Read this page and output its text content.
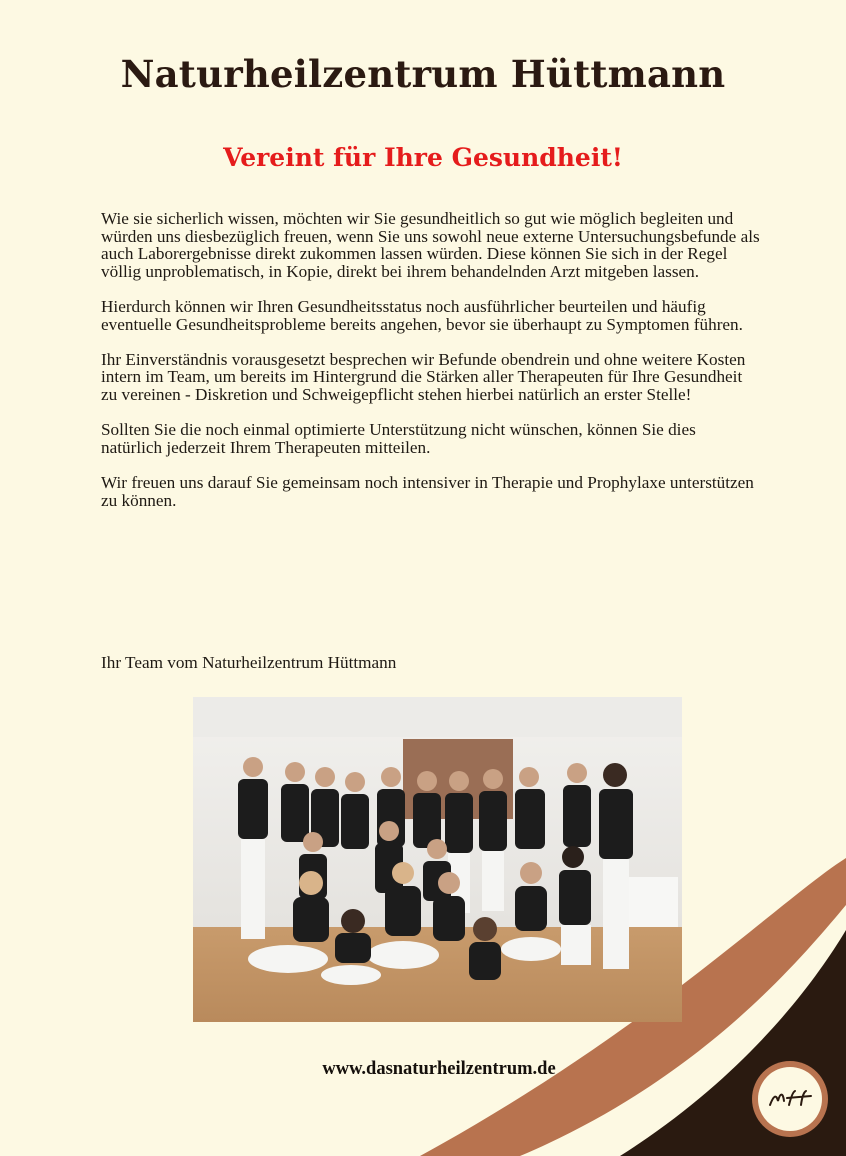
Naturheilzentrum Hüttmann
Vereint für Ihre Gesundheit!

Wie sie sicherlich wissen, möchten wir Sie gesundheitlich so gut wie möglich begleiten und würden uns diesbezüglich freuen, wenn Sie uns sowohl neue externe Untersuchungsbefunde als auch Laborergebnisse direkt zukommen lassen würden. Diese können Sie sich in der Regel völlig unproblematisch, in Kopie, direkt bei ihrem behandelnden Arzt mitgeben lassen.

Hierdurch können wir Ihren Gesundheitsstatus noch ausführlicher beurteilen und häufig eventuelle Gesundheitsprobleme bereits angehen, bevor sie überhaupt zu Symptomen führen.

Ihr Einverständnis vorausgesetzt besprechen wir Befunde obendrein und ohne weitere Kosten intern im Team, um bereits im Hintergrund die Stärken aller Therapeuten für Ihre Gesundheit zu vereinen - Diskretion und Schweigepflicht stehen hierbei natürlich an erster Stelle!

Sollten Sie die noch einmal optimierte Unterstützung nicht wünschen, können Sie dies natürlich jederzeit Ihrem Therapeuten mitteilen.

Wir freuen uns darauf Sie gemeinsam noch intensiver in Therapie und Prophylaxe unterstützen zu können.

Ihr Team vom Naturheilzentrum Hüttmann
www.dasnaturheilzentrum.de
